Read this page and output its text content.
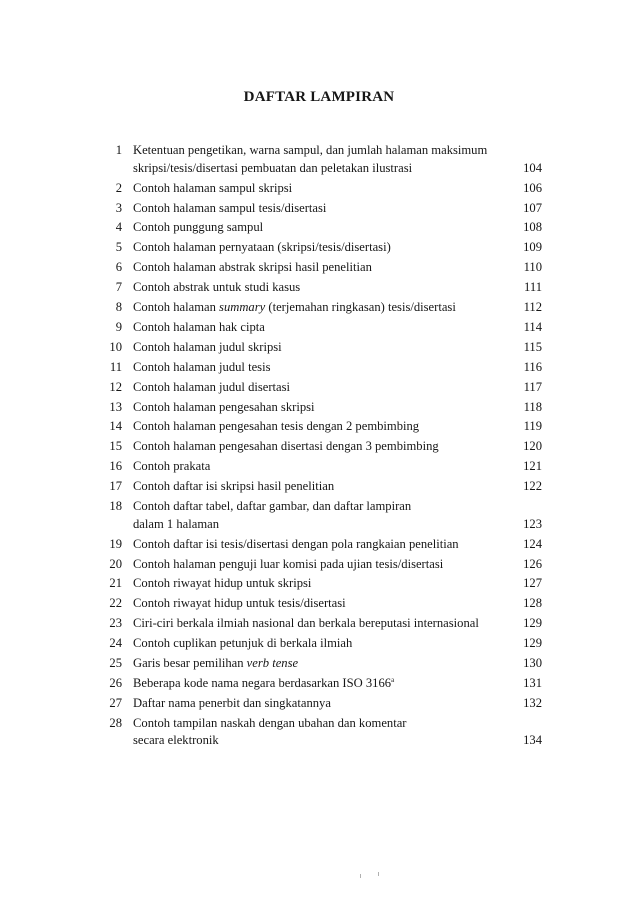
DAFTAR LAMPIRAN
1 Ketentuan pengetikan, warna sampul, dan jumlah halaman maksimum
skripsi/tesis/disertasi pembuatan dan peletakan ilustrasi	104
2 Contoh halaman sampul skripsi	106
3 Contoh halaman sampul tesis/disertasi	107
4 Contoh punggung sampul	108
5 Contoh halaman pernyataan (skripsi/tesis/disertasi)	109
6 Contoh halaman abstrak skripsi hasil penelitian	110
7 Contoh abstrak untuk studi kasus	111
8 Contoh halaman summary (terjemahan ringkasan) tesis/disertasi	112
9 Contoh halaman hak cipta	114
10 Contoh halaman judul skripsi	115
11 Contoh halaman judul tesis	116
12 Contoh halaman judul disertasi	117
13 Contoh halaman pengesahan skripsi	118
14 Contoh halaman pengesahan tesis dengan 2 pembimbing	119
15 Contoh halaman pengesahan disertasi dengan 3 pembimbing	120
16 Contoh prakata	121
17 Contoh daftar isi skripsi hasil penelitian	122
18 Contoh daftar tabel, daftar gambar, dan daftar lampiran
dalam 1 halaman	123
19 Contoh daftar isi tesis/disertasi dengan pola rangkaian penelitian	124
20 Contoh halaman penguji luar komisi pada ujian tesis/disertasi	126
21 Contoh riwayat hidup untuk skripsi	127
22 Contoh riwayat hidup untuk tesis/disertasi	128
23 Ciri-ciri berkala ilmiah nasional dan berkala bereputasi internasional	129
24 Contoh cuplikan petunjuk di berkala ilmiah	129
25 Garis besar pemilihan verb tense	130
26 Beberapa kode nama negara berdasarkan ISO 3166$^a$	131
27 Daftar nama penerbit dan singkatannya	132
28 Contoh tampilan naskah dengan ubahan dan komentar
secara elektronik	134
